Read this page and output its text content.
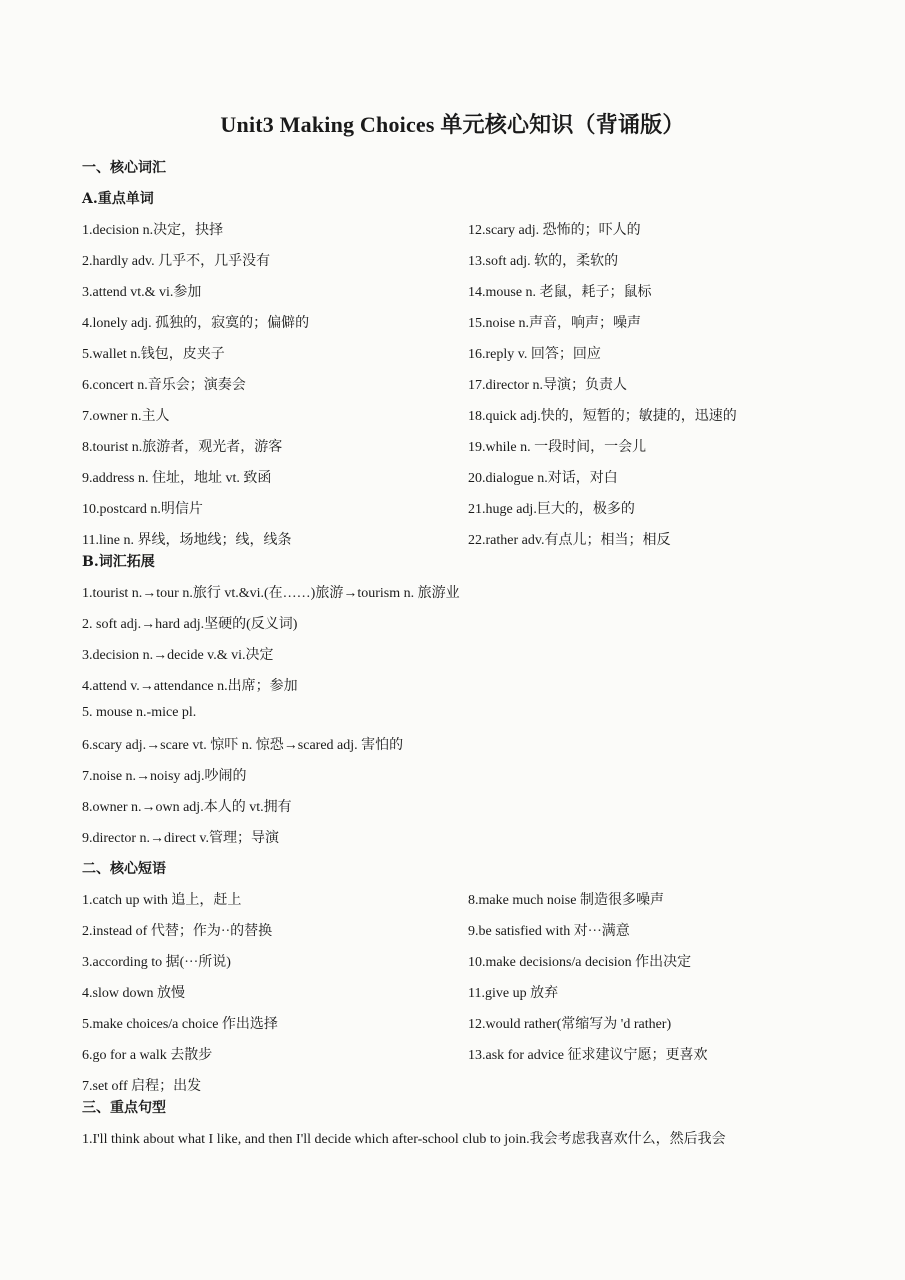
Unit3 Making Choices 单元核心知识（背诵版）
一、核心词汇
A.重点单词
1.decision n.决定，抉择
2.hardly adv. 几乎不，几乎没有
3.attend vt.& vi.参加
4.lonely adj. 孤独的，寂寞的；偏僻的
5.wallet n.钱包，皮夹子
6.concert n.音乐会；演奏会
7.owner n.主人
8.tourist n.旅游者，观光者，游客
9.address n. 住址，地址 vt. 致函
10.postcard n.明信片
11.line n. 界线，场地线；线，线条
12.scary adj. 恐怖的；吓人的
13.soft adj. 软的，柔软的
14.mouse n. 老鼠，耗子；鼠标
15.noise n.声音，响声；噪声
16.reply v. 回答；回应
17.director n.导演；负责人
18.quick adj.快的，短暂的；敏捷的，迅速的
19.while n. 一段时间，一会儿
20.dialogue n.对话，对白
21.huge adj.巨大的，极多的
22.rather adv.有点儿；相当；相反
B.词汇拓展
1.tourist n.→tour n.旅行 vt.&vi.(在……)旅游→tourism n. 旅游业
2. soft adj.→hard adj.坚硬的(反义词)
3.decision n.→decide v.& vi.决定
4.attend v.→attendance n.出席；参加
5. mouse n.-mice pl.
6.scary adj.→scare vt. 惊吓 n. 惊恐→scared adj. 害怕的
7.noise n.→noisy adj.吵闹的
8.owner n.→own adj.本人的 vt.拥有
9.director n.→direct v.管理；导演
二、核心短语
1.catch up with 追上，赶上
2.instead of 代替；作为··的替换
3.according to 据(···所说)
4.slow down 放慢
5.make choices/a choice 作出选择
6.go for a walk 去散步
7.set off 启程；出发
8.make much noise 制造很多噪声
9.be satisfied with 对···满意
10.make decisions/a decision 作出决定
11.give up 放弃
12.would rather(常缩写为 'd rather)
13.ask for advice 征求建议宁愿；更喜欢
三、重点句型
1.I'll think about what I like, and then I'll decide which after-school club to join.我会考虑我喜欢什么，然后我会
